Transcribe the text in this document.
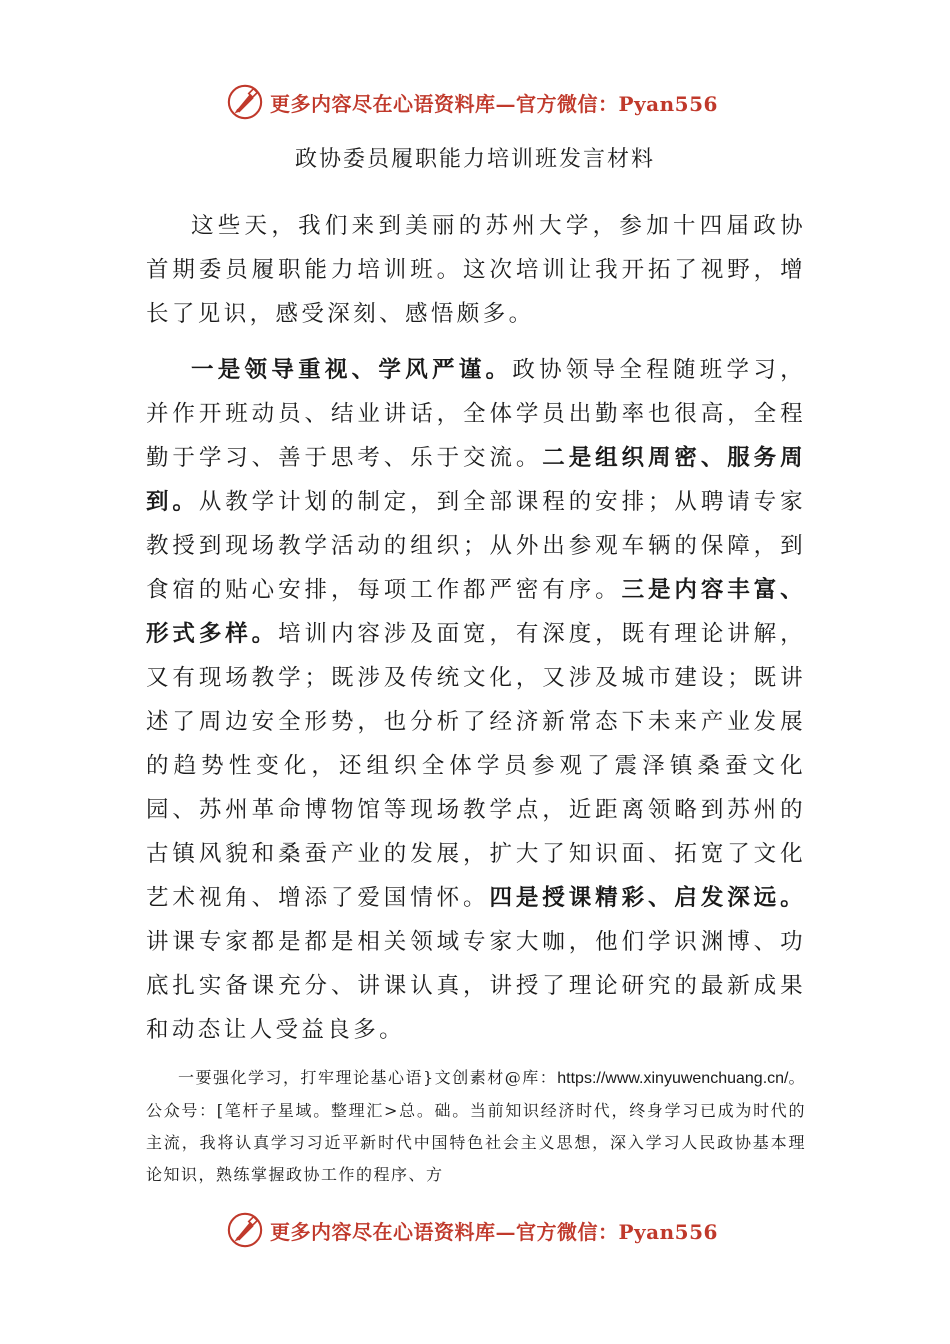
更多内容尽在心语资料库—官方微信：Pyan556
政协委员履职能力培训班发言材料

这些天，我们来到美丽的苏州大学，参加十四届政协首期委员履职能力培训班。这次培训让我开拓了视野，增长了见识，感受深刻、感悟颇多。

一是领导重视、学风严谨。政协领导全程随班学习，并作开班动员、结业讲话，全体学员出勤率也很高，全程勤于学习、善于思考、乐于交流。二是组织周密、服务周到。从教学计划的制定，到全部课程的安排；从聘请专家教授到现场教学活动的组织；从外出参观车辆的保障，到食宿的贴心安排，每项工作都严密有序。三是内容丰富、形式多样。培训内容涉及面宽，有深度，既有理论讲解，又有现场教学；既涉及传统文化，又涉及城市建设；既讲述了周边安全形势，也分析了经济新常态下未来产业发展的趋势性变化，还组织全体学员参观了震泽镇桑蚕文化园、苏州革命博物馆等现场教学点，近距离领略到苏州的古镇风貌和桑蚕产业的发展，扩大了知识面、拓宽了文化艺术视角、增添了爱国情怀。四是授课精彩、启发深远。讲课专家都是都是相关领域专家大咖，他们学识渊博、功底扎实备课充分、讲课认真，讲授了理论研究的最新成果和动态让人受益良多。

一要强化学习，打牢理论基心语}文创素材@库：https://www.xinyuwenchuang.cn/。公众号：[笔杆子星域。整理汇>总。础。当前知识经济时代，终身学习已成为时代的主流，我将认真学习习近平新时代中国特色社会主义思想，深入学习人民政协基本理论知识，熟练掌握政协工作的程序、方

更多内容尽在心语资料库—官方微信：Pyan556
